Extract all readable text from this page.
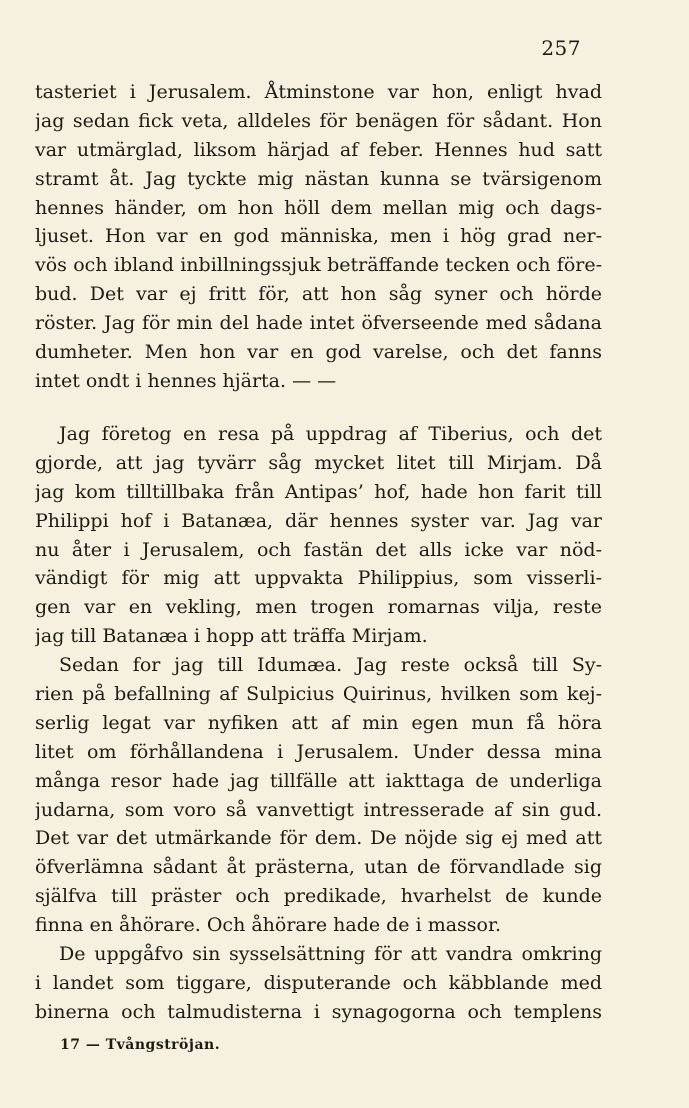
257
tasteriet i Jerusalem. Åtminstone var hon, enligt hvad
jag sedan fick veta, alldeles för benägen för sådant. Hon
var utmärglad, liksom härjad af feber. Hennes hud satt
stramt åt. Jag tyckte mig nästan kunna se tvärsigenom
hennes händer, om hon höll dem mellan mig och dags-
ljuset. Hon var en god människa, men i hög grad ner-
vös och ibland inbillningssjuk beträffande tecken och före-
bud. Det var ej fritt för, att hon såg syner och hörde
röster. Jag för min del hade intet öfverseende med sådana
dumheter. Men hon var en god varelse, och det fanns
intet ondt i hennes hjärta. — —
Jag företog en resa på uppdrag af Tiberius, och det
gjorde, att jag tyvärr såg mycket litet till Mirjam. Då
jag kom tilltillbaka från Antipas’ hof, hade hon farit till
Philippi hof i Batanæa, där hennes syster var. Jag var
nu åter i Jerusalem, och fastän det alls icke var nöd-
vändigt för mig att uppvakta Philippius, som visserli-
gen var en vekling, men trogen romarnas vilja, reste
jag till Batanæa i hopp att träffa Mirjam.
Sedan for jag till Idumæa. Jag reste också till Sy-
rien på befallning af Sulpicius Quirinus, hvilken som kej-
serlig legat var nyfiken att af min egen mun få höra
litet om förhållandena i Jerusalem. Under dessa mina
många resor hade jag tillfälle att iakttaga de underliga
judarna, som voro så vanvettigt intresserade af sin gud.
Det var det utmärkande för dem. De nöjde sig ej med att
öfverlämna sådant åt prästerna, utan de förvandlade sig
själfva till präster och predikade, hvarhelst de kunde
finna en åhörare. Och åhörare hade de i massor.
De uppgåfvo sin sysselsättning för att vandra omkring
i landet som tiggare, disputerande och käbblande med
binerna och talmudisterna i synagogorna och templens
17 — Tvångströjan.
